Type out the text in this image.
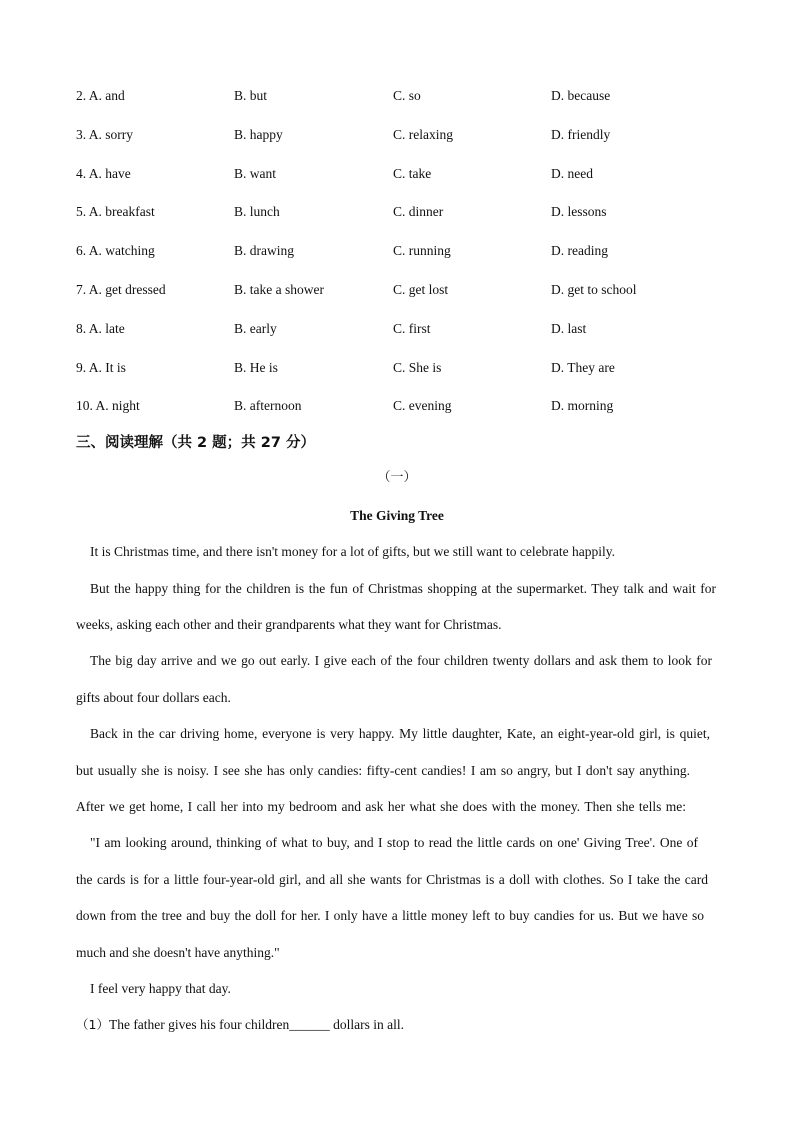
2. A. and	B. but	C. so	D. because
3. A. sorry	B. happy	C. relaxing	D. friendly
4. A. have	B. want	C. take	D. need
5. A. breakfast	B. lunch	C. dinner	D. lessons
6. A. watching	B. drawing	C. running	D. reading
7. A. get dressed	B. take a shower	C. get lost	D. get to school
8. A. late	B. early	C. first	D. last
9. A. It is	B. He is	C. She is	D. They are
10. A. night	B. afternoon	C. evening	D. morning
三、阅读理解（共 2 题；共 27 分）
（一）
The Giving Tree
It is Christmas time, and there isn't money for a lot of gifts, but we still want to celebrate happily.
But the happy thing for the children is the fun of Christmas shopping at the supermarket. They talk and wait for
weeks, asking each other and their grandparents what they want for Christmas.
The big day arrive and we go out early. I give each of the four children twenty dollars and ask them to look for
gifts about four dollars each.
Back in the car driving home, everyone is very happy. My little daughter, Kate, an eight-year-old girl, is quiet,
but usually she is noisy. I see she has only candies: fifty-cent candies! I am so angry, but I don't say anything.
After we get home, I call her into my bedroom and ask her what she does with the money. Then she tells me:
"I am looking around, thinking of what to buy, and I stop to read the little cards on one' Giving Tree'. One of
the cards is for a little four-year-old girl, and all she wants for Christmas is a doll with clothes. So I take the card
down from the tree and buy the doll for her. I only have a little money left to buy candies for us. But we have so
much and she doesn't have anything."
I feel very happy that day.
（1）The father gives his four children______ dollars in all.
